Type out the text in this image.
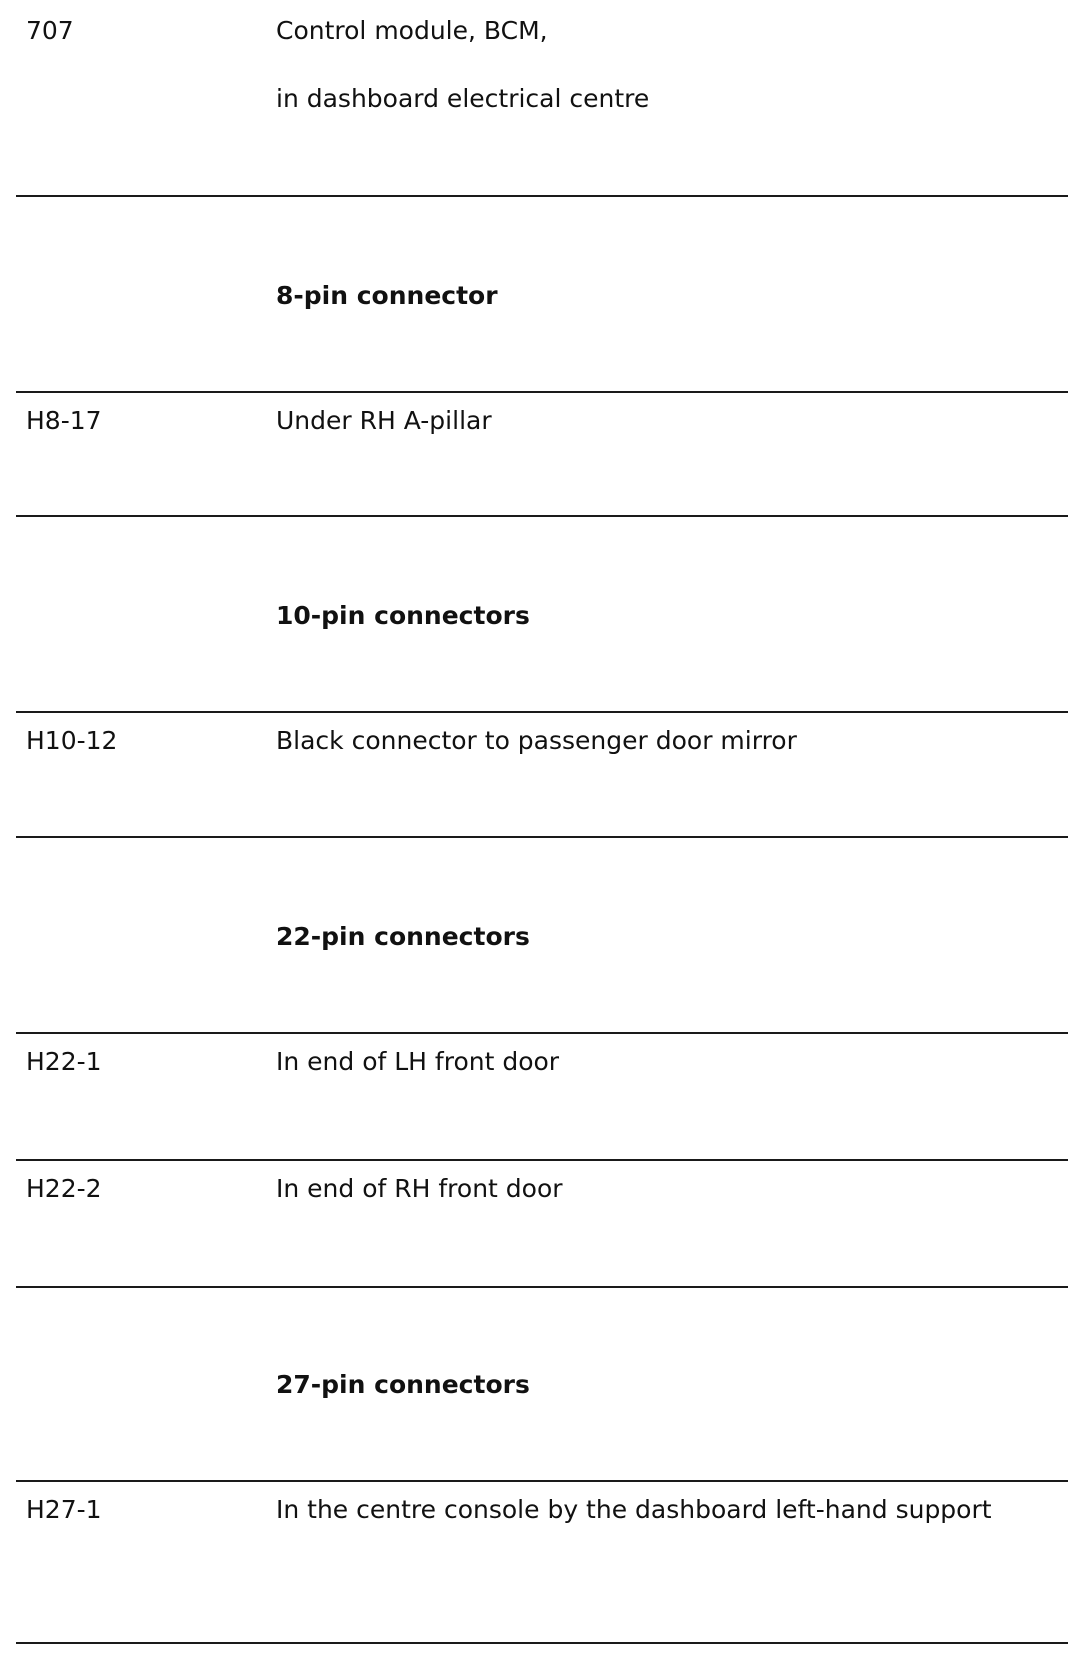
707	Control module, BCM,
in dashboard electrical centre
8-pin connector
H8-17	Under RH A-pillar
10-pin connectors
H10-12	Black connector to passenger door mirror
22-pin connectors
H22-1	In end of LH front door
H22-2	In end of RH front door
27-pin connectors
H27-1	In the centre console by the dashboard left-hand support
